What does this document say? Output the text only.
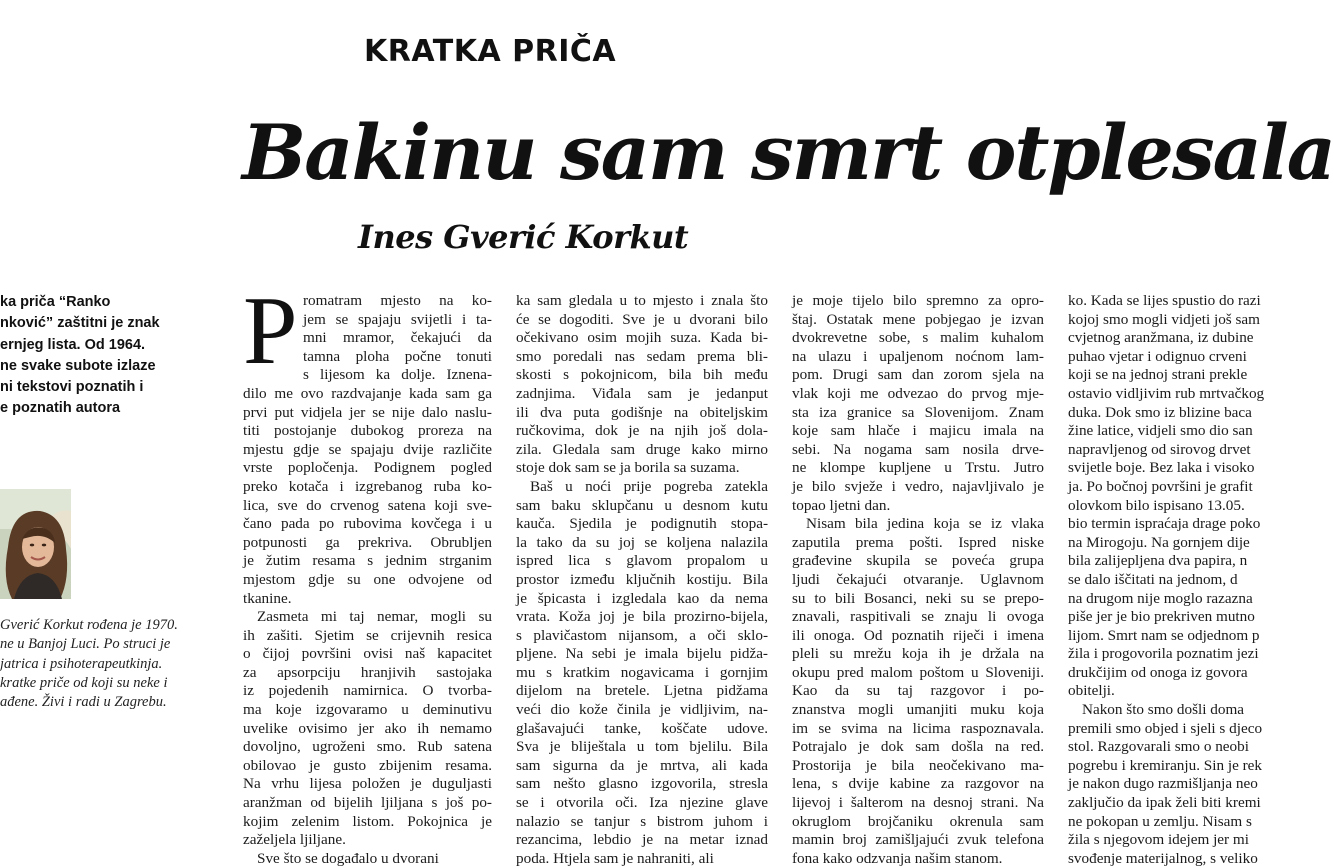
KRATKA PRIČA
Bakinu sam smrt otplesala
Ines Gverić Korkut
ka priča “Ranko
nković” zaštitni je znak
ernjeg lista. Od 1964.
ne svake subote izlaze
ni tekstovi poznatih i
e poznatih autora
Gverić Korkut rođena je 1970.
ne u Banjoj Luci. Po struci je
jatrica i psihoterapeutkinja.
kratke priče od koji su neke i
ađene. Živi i radi u Zagrebu.
P romatram mjesto na ko-
jem se spajaju svijetli i ta-
mni mramor, čekajući da
tamna ploha počne tonuti
s lijesom ka dolje. Iznena-
dilo me ovo razdvajanje kada sam ga
prvi put vidjela jer se nije dalo naslu-
titi postojanje dubokog proreza na
mjestu gdje se spajaju dvije različite
vrste popločenja. Podignem pogled
preko kotača i izgrebanog ruba ko-
lica, sve do crvenog satena koji svе-
čano pada po rubovima kovčega i u
potpunosti ga prekriva. Obrubljen
je žutim resama s jednim strganim
mjestom gdje su one odvojene od
tkanine.
Zasmeta mi taj nemar, mogli su
ih zašiti. Sjetim se crijevnih resica
o čijoj površini ovisi naš kapacitet
za apsorpciju hranjivih sastojaka
iz pojedenih namirnica. O tvorba-
ma koje izgovaramo u deminutivu
uvelike ovisimo jer ako ih nemamo
dovoljno, ugroženi smo. Rub satena
obilovao je gusto zbijenim resama.
Na vrhu lijesa položen je duguljasti
aranžman od bijelih ljiljana s još po-
kojim zelenim listom. Pokojnica je
zaželjela ljiljane.
Sve što se događalo u dvorani
ka sam gledala u to mjesto i znala što
će se dogoditi. Sve je u dvorani bilo
očekivano osim mojih suza. Kada bi-
smo poredali nas sedam prema bli-
skosti s pokojnicom, bila bih među
zadnjima. Viđala sam je jedanput
ili dva puta godišnje na obiteljskim
ručkovima, dok je na njih još dola-
zila. Gledala sam druge kako mirno
stoje dok sam se ja borila sa suzama.
Baš u noći prije pogreba zatekla
sam baku sklupčanu u desnom kutu
kauča. Sjedila je podignutih stopa-
la tako da su joj se koljena nalazila
ispred lica s glavom propalom u
prostor između ključnih kostiju. Bila
je špicasta i izgledala kao da nema
vrata. Koža joj je bila prozirno-bijela,
s plavičastom nijansom, a oči sklo-
pljene. Na sebi je imala bijelu pidža-
mu s kratkim nogavicama i gornjim
dijelom na bretele. Ljetna pidžama
veći dio kože činila je vidljivim, na-
glašavajući tanke, koščate udove.
Sva je bliještala u tom bjelilu. Bila
sam sigurna da je mrtva, ali kada
sam nešto glasno izgovorila, stresla
se i otvorila oči. Iza njezine glave
nalazio se tanjur s bistrom juhom i
rezancima, lebdio je na metar iznad
poda. Htjela sam je nahraniti, ali
je moje tijelo bilo spremno za opro-
štaj. Ostatak mene pobjegao je izvan
dvokrevetne sobe, s malim kuhalom
na ulazu i upaljenom noćnom lam-
pom. Drugi sam dan zorom sjela na
vlak koji me odvezao do prvog mje-
sta iza granice sa Slovenijom. Znam
koje sam hlače i majicu imala na
sebi. Na nogama sam nosila drve-
ne klompe kupljene u Trstu. Jutro
je bilo svježe i vedro, najavljivalo je
topao ljetni dan.
Nisam bila jedina koja se iz vlaka
zaputila prema pošti. Ispred niske
građevine skupila se poveća grupa
ljudi čekajući otvaranje. Uglavnom
su to bili Bosanci, neki su se prepo-
znavali, raspitivali se znaju li ovoga
ili onoga. Od poznatih riječi i imena
pleli su mrežu koja ih je držala na
okupu pred malom poštom u Sloveniji.
Kao da su taj razgovor i po-
znanstva mogli umanjiti muku koja
im se svima na licima raspoznavala.
Potrajalo je dok sam došla na red.
Prostorija je bila neočekivano ma-
lena, s dvije kabine za razgovor na
lijevoj i šalterom na desnoj strani. Na
okruglom brojčaniku okrenula sam
mamin broj zamišljajući zvuk telefona
fona kako odzvanja našim stanom.
ko. Kada se lijes spustio do razi
kojoj smo mogli vidjeti još sam
cvjetnog aranžmana, iz dubine
puhao vjetar i odignuo crveni
koji se na jednoj strani prekle
ostavio vidljivim rub mrtvačkog
duka. Dok smo iz blizine baca
žine latice, vidjeli smo dio san
napravljenog od sirovog drvet
svijetle boje. Bez laka i visoko
ja. Po bočnoj površini je grafit
olovkom bilo ispisano 13.05.
bio termin ispraćaja drage poko
na Mirogoju. Na gornjem dije
bila zalijepljena dva papira, n
se dalo iščitati na jednom, d
na drugom nije moglo razazna
piše jer je bio prekriven mutno
lijom. Smrt nam se odjednom p
žila i progovorila poznatim jezi
drukčijim od onoga iz govora
obitelji.
Nakon što smo došli doma
premili smo objed i sjeli s djeco
stol. Razgovarali smo o neobi
pogrebu i kremiranju. Sin je rek
je nakon dugo razmišljanja neo
zaključio da ipak želi biti kremi
ne pokopan u zemlju. Nisam s
žila s njegovom idejem jer mi
svođenje materijalnog, s veliko
